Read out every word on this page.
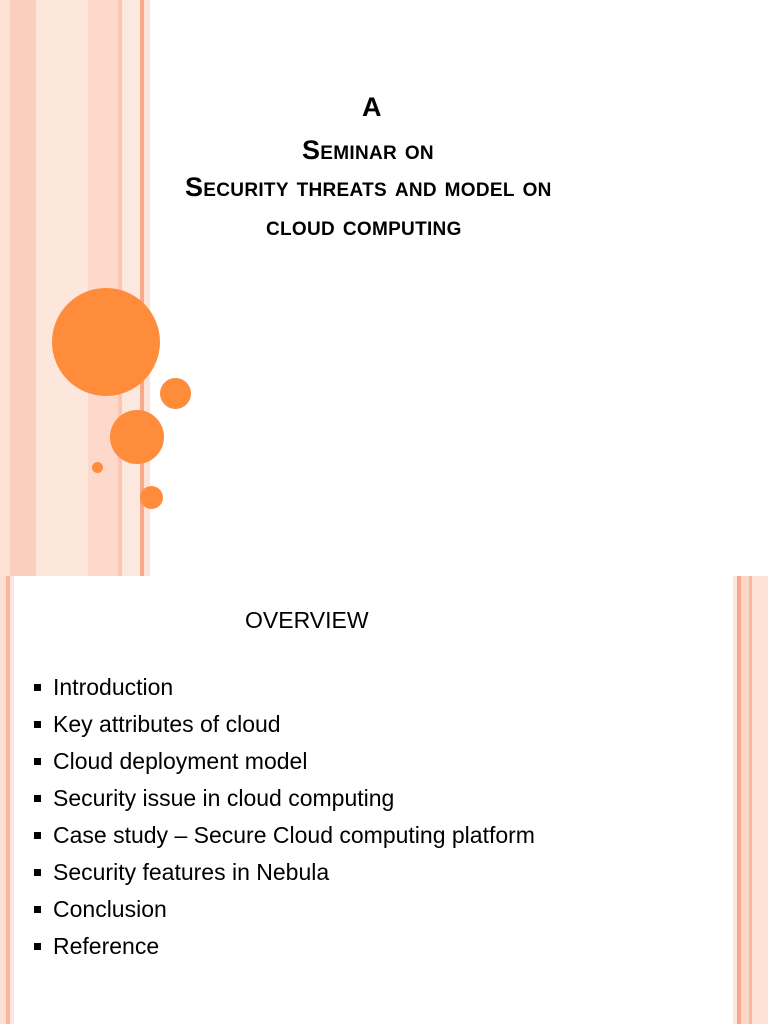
A
Seminar on
Security threats and model on
cloud computing
OVERVIEW
Introduction
Key attributes of cloud
Cloud deployment model
Security issue in cloud computing
Case study – Secure Cloud computing platform
Security features in Nebula
Conclusion
Reference
